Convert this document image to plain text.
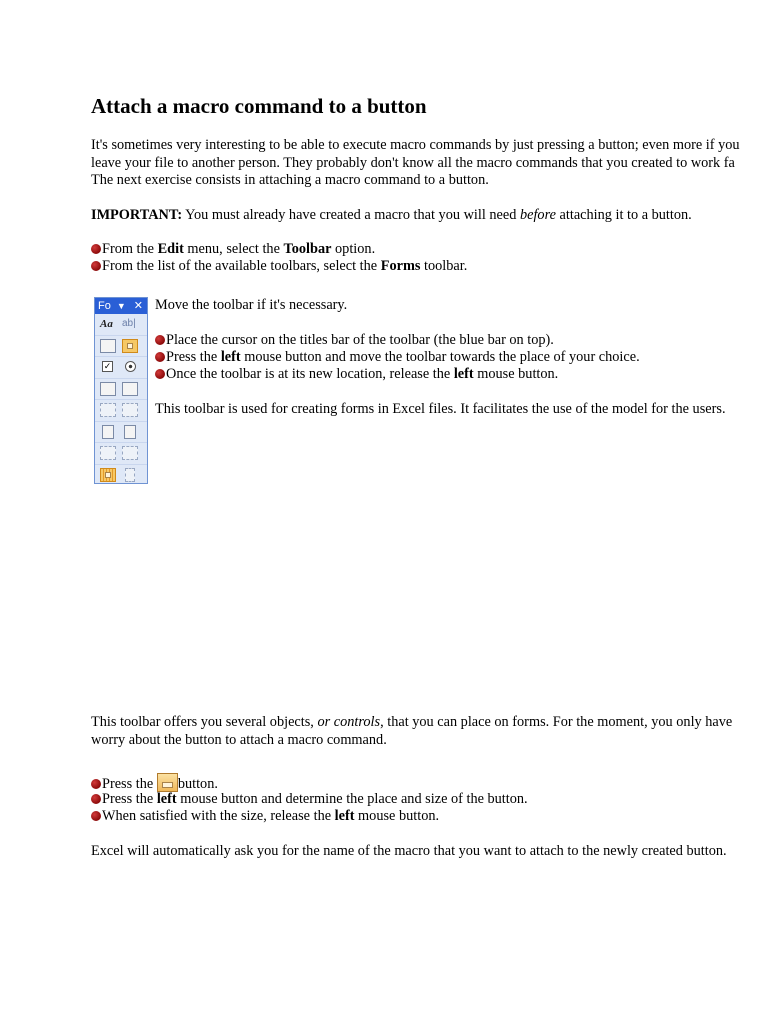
Attach a macro command to a button
It's sometimes very interesting to be able to execute macro commands by just pressing a button; even more if you
leave your file to another person. They probably don't know all the macro commands that you created to work fa
The next exercise consists in attaching a macro command to a button.
IMPORTANT: You must already have created a macro that you will need before attaching it to a button.
From the Edit menu, select the Toolbar option.
From the list of the available toolbars, select the Forms toolbar.
Fo ▼ ✕
Aa ab|
✓
Move the toolbar if it's necessary.
Place the cursor on the titles bar of the toolbar (the blue bar on top).
Press the left mouse button and move the toolbar towards the place of your choice.
Once the toolbar is at its new location, release the left mouse button.
This toolbar is used for creating forms in Excel files. It facilitates the use of the model for the users.
This toolbar offers you several objects, or controls, that you can place on forms. For the moment, you only have
worry about the button to attach a macro command.
Press the button.
Press the left mouse button and determine the place and size of the button.
When satisfied with the size, release the left mouse button.
Excel will automatically ask you for the name of the macro that you want to attach to the newly created button.
